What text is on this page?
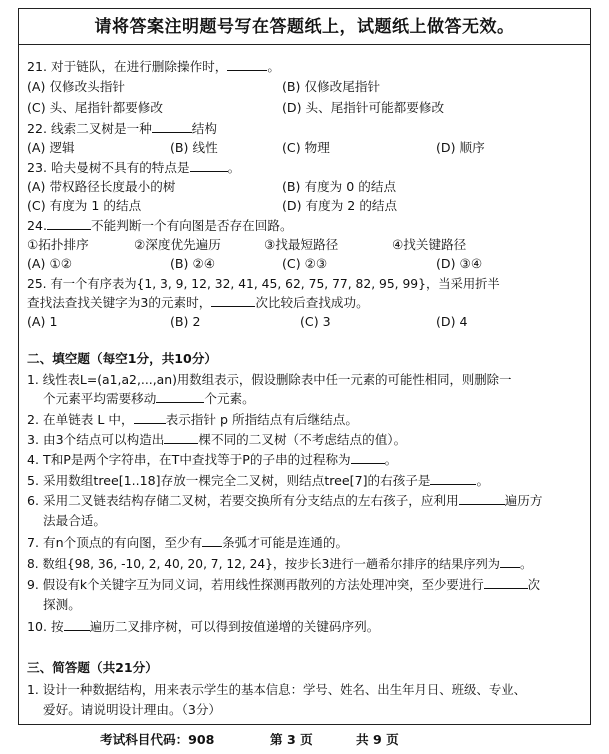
请将答案注明题号写在答题纸上，试题纸上做答无效。
21. 对于链队，在进行删除操作时，	。
(A) 仅修改头指针	(B) 仅修改尾指针
(C) 头、尾指针都要修改	(D) 头、尾指针可能都要修改
22. 线索二叉树是一种	结构
(A) 逻辑	(B) 线性	(C) 物理	(D) 顺序
23. 哈夫曼树不具有的特点是	。
(A) 带权路径长度最小的树	(B) 有度为 0 的结点
(C) 有度为 1 的结点	(D) 有度为 2 的结点
24.	不能判断一个有向图是否存在回路。
①拓扑排序	②深度优先遍历	③找最短路径	④找关键路径
(A) ①②	(B) ②④	(C) ②③	(D) ③④
25. 有一个有序表为{1, 3, 9, 12, 32, 41, 45, 62, 75, 77, 82, 95, 99}，当采用折半
查找法查找关键字为3的元素时，	次比较后查找成功。
(A) 1	(B) 2	(C) 3	(D) 4
二、填空题（每空1分，共10分）
1. 线性表L=(a1,a2,...,an)用数组表示，假设删除表中任一元素的可能性相同，则删除一
个元素平均需要移动	个元素。
2. 在单链表 L 中，	表示指针 p 所指结点有后继结点。
3. 由3个结点可以构造出	棵不同的二叉树（不考虑结点的值）。
4. T和P是两个字符串，在T中查找等于P的子串的过程称为	。
5. 采用数组tree[1..18]存放一棵完全二叉树，则结点tree[7]的右孩子是	。
6. 采用二叉链表结构存储二叉树，若要交换所有分支结点的左右孩子，应利用	遍历方
法最合适。
7. 有n个顶点的有向图，至少有 条弧才可能是连通的。
8. 数组{98, 36, -10, 2, 40, 20, 7, 12, 24}，按步长3进行一趟希尔排序的结果序列为 。
9. 假设有k个关键字互为同义词，若用线性探测再散列的方法处理冲突，至少要进行	次
探测。
10. 按 遍历二叉排序树，可以得到按值递增的关键码序列。
三、简答题（共21分）
1. 设计一种数据结构，用来表示学生的基本信息：学号、姓名、出生年月日、班级、专业、
爱好。请说明设计理由。（3分）
考试科目代码：908	第 3 页	共 9 页
